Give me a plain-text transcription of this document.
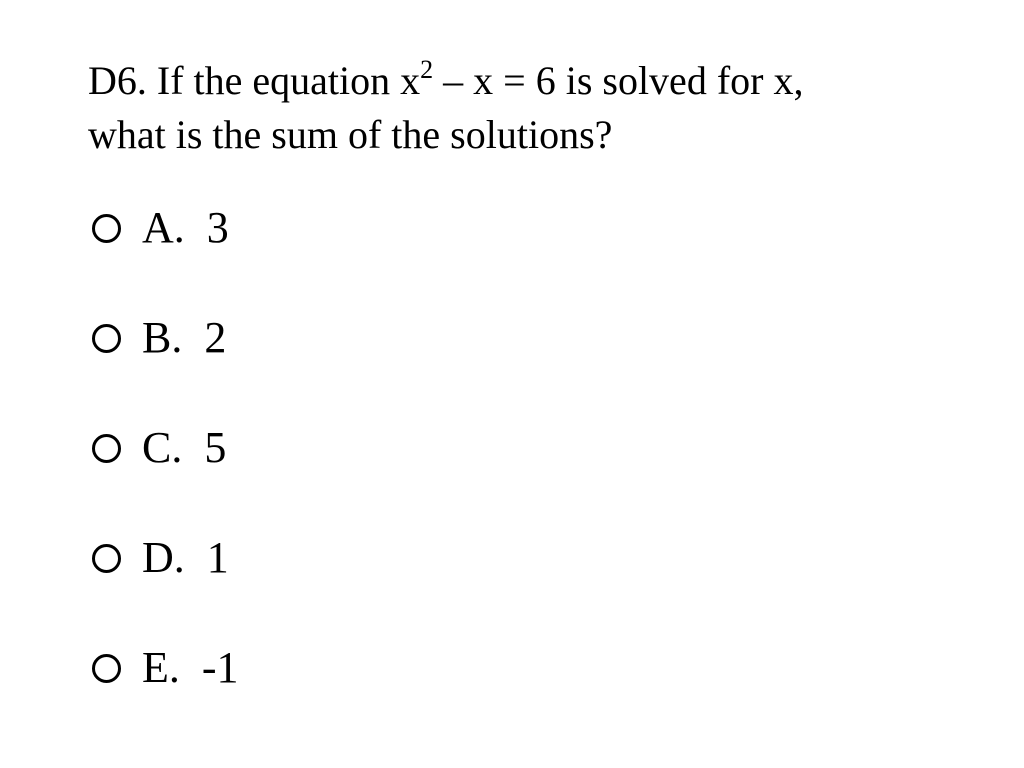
D6. If the equation $x^2 - x = 6$ is solved for x,
what is the sum of the solutions?
A. 3
B. 2
C. 5
D. 1
E. -1
